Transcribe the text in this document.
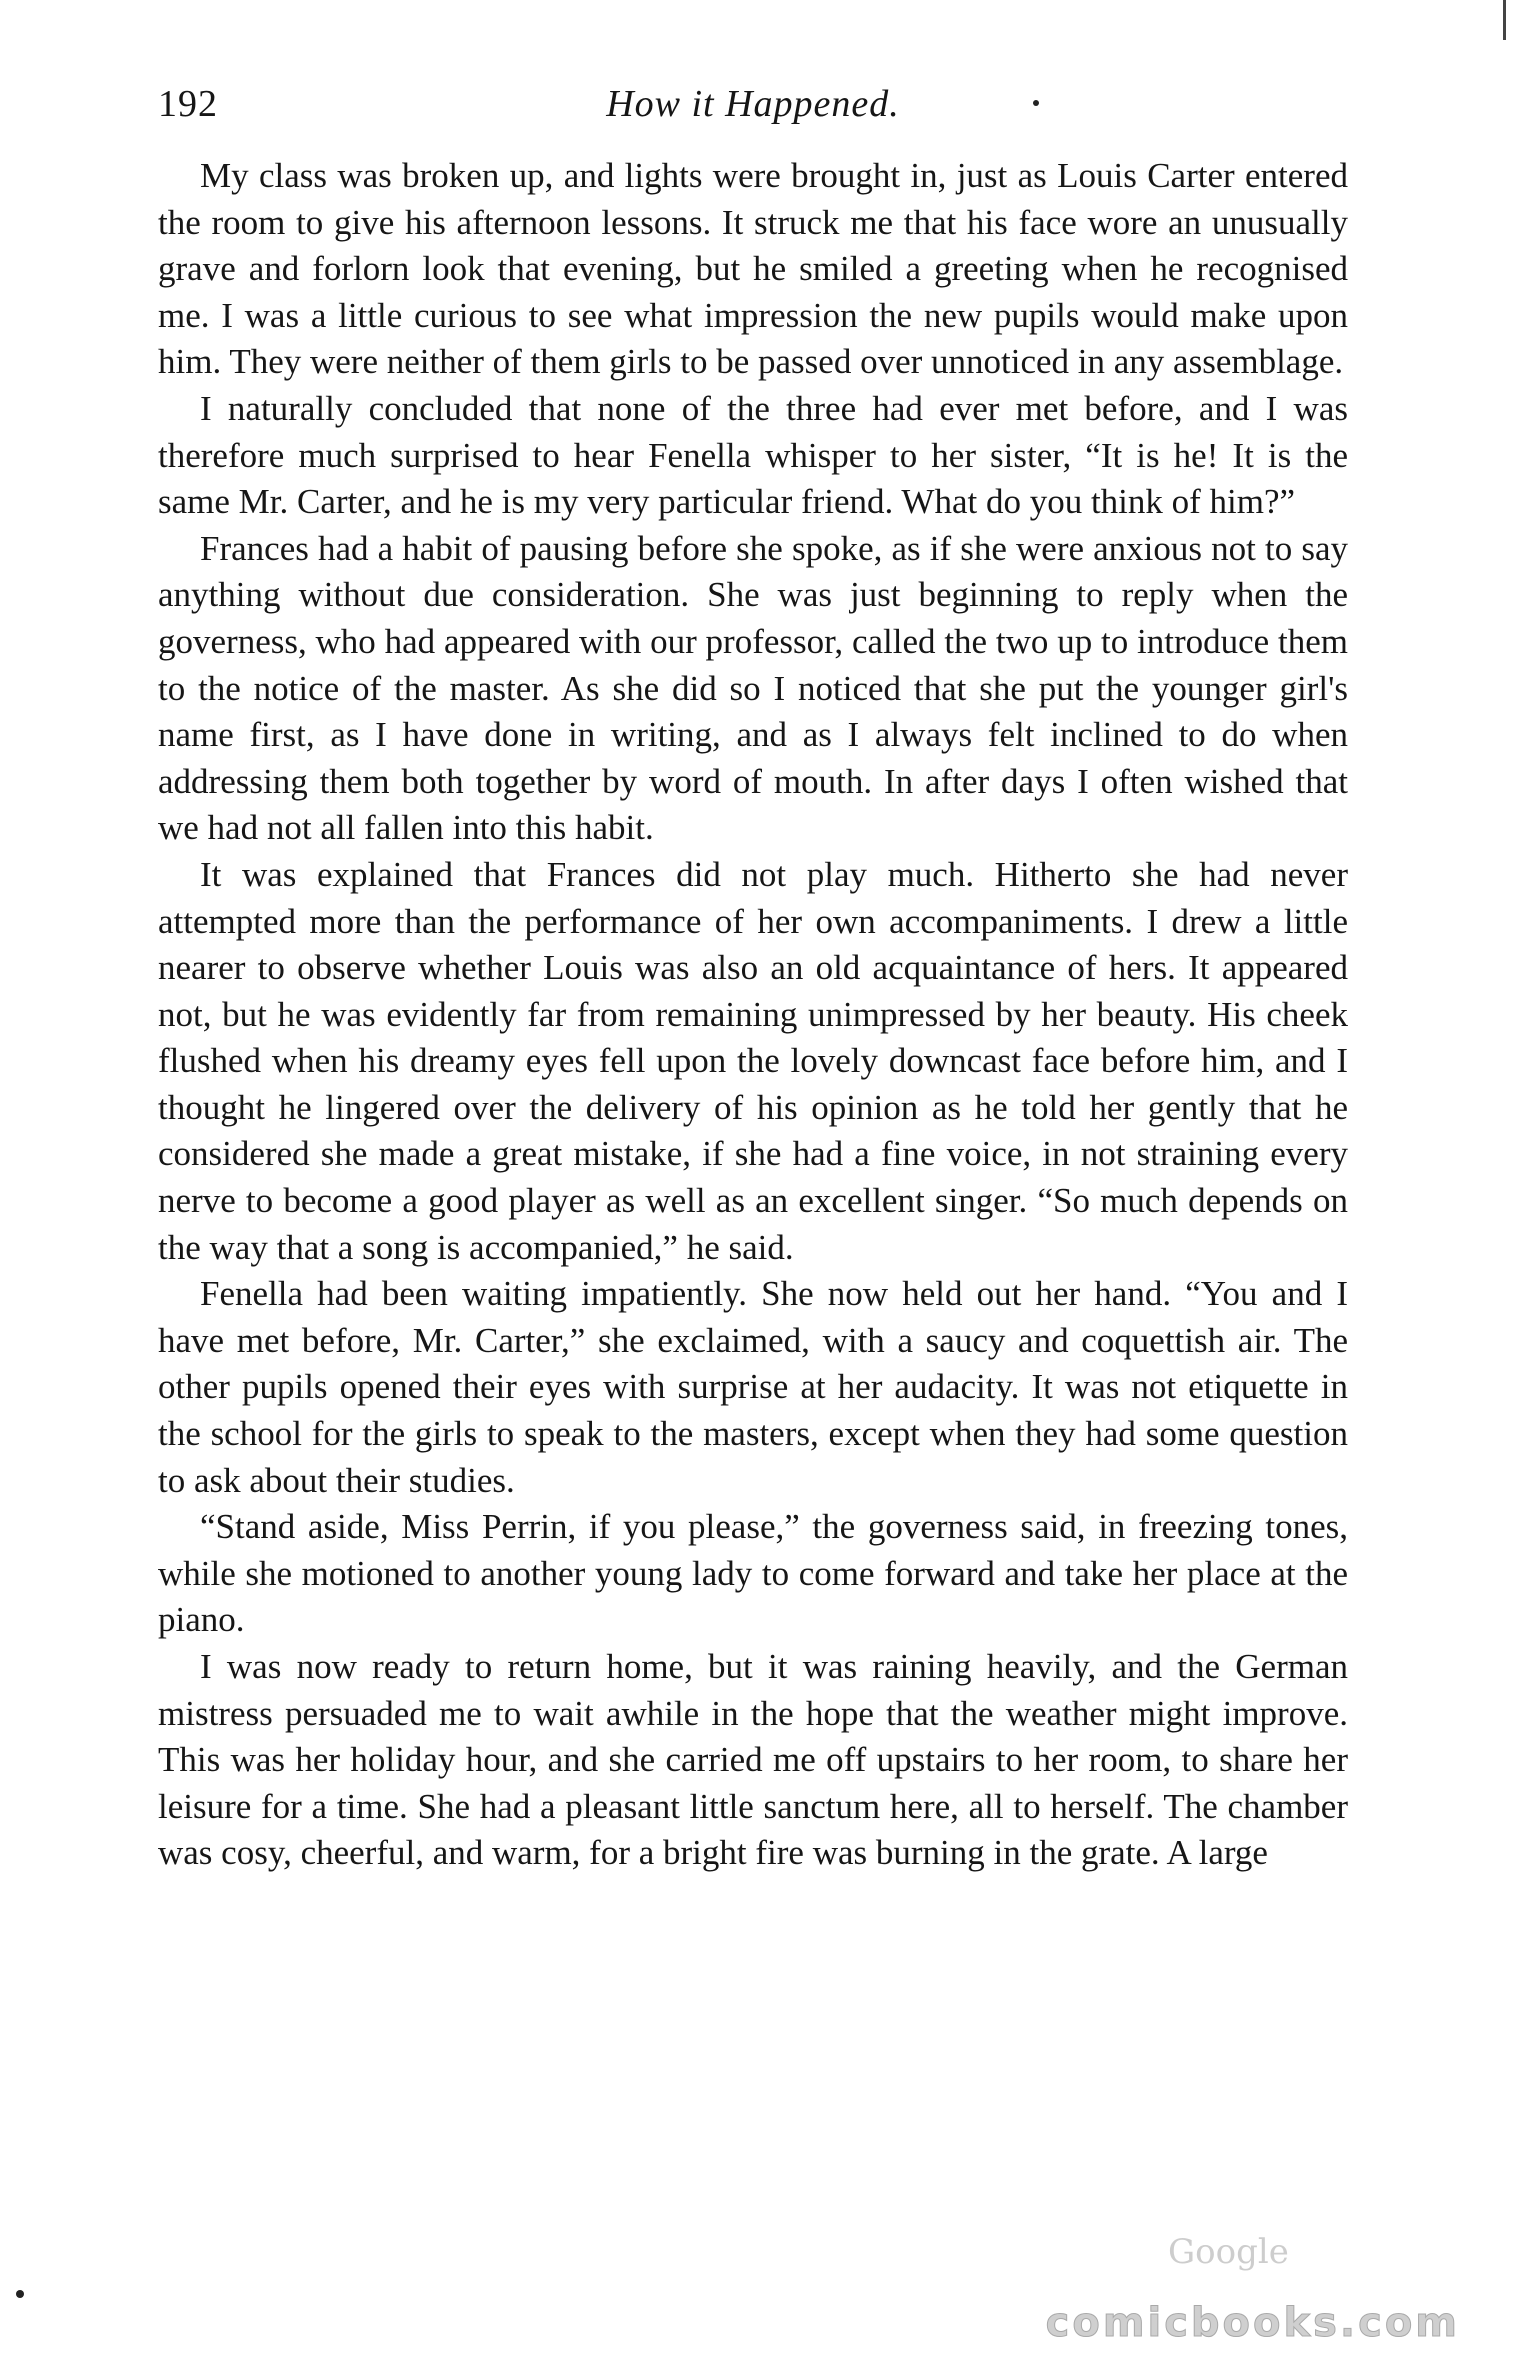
192	How it Happened.

My class was broken up, and lights were brought in, just as Louis Carter entered the room to give his afternoon lessons. It struck me that his face wore an unusually grave and forlorn look that evening, but he smiled a greeting when he recognised me. I was a little curious to see what impression the new pupils would make upon him. They were neither of them girls to be passed over unnoticed in any assemblage.

I naturally concluded that none of the three had ever met before, and I was therefore much surprised to hear Fenella whisper to her sister, “It is he! It is the same Mr. Carter, and he is my very particular friend. What do you think of him?”

Frances had a habit of pausing before she spoke, as if she were anxious not to say anything without due consideration. She was just beginning to reply when the governess, who had appeared with our professor, called the two up to introduce them to the notice of the master. As she did so I noticed that she put the younger girl's name first, as I have done in writing, and as I always felt inclined to do when addressing them both together by word of mouth. In after days I often wished that we had not all fallen into this habit.

It was explained that Frances did not play much. Hitherto she had never attempted more than the performance of her own accompaniments. I drew a little nearer to observe whether Louis was also an old acquaintance of hers. It appeared not, but he was evidently far from remaining unimpressed by her beauty. His cheek flushed when his dreamy eyes fell upon the lovely downcast face before him, and I thought he lingered over the delivery of his opinion as he told her gently that he considered she made a great mistake, if she had a fine voice, in not straining every nerve to become a good player as well as an excellent singer. “So much depends on the way that a song is accompanied,” he said.

Fenella had been waiting impatiently. She now held out her hand. “You and I have met before, Mr. Carter,” she exclaimed, with a saucy and coquettish air. The other pupils opened their eyes with surprise at her audacity. It was not etiquette in the school for the girls to speak to the masters, except when they had some question to ask about their studies.

“Stand aside, Miss Perrin, if you please,” the governess said, in freezing tones, while she motioned to another young lady to come forward and take her place at the piano.

I was now ready to return home, but it was raining heavily, and the German mistress persuaded me to wait awhile in the hope that the weather might improve. This was her holiday hour, and she carried me off upstairs to her room, to share her leisure for a time. She had a pleasant little sanctum here, all to herself. The chamber was cosy, cheerful, and warm, for a bright fire was burning in the grate. A large

Google
comicbooks.com
